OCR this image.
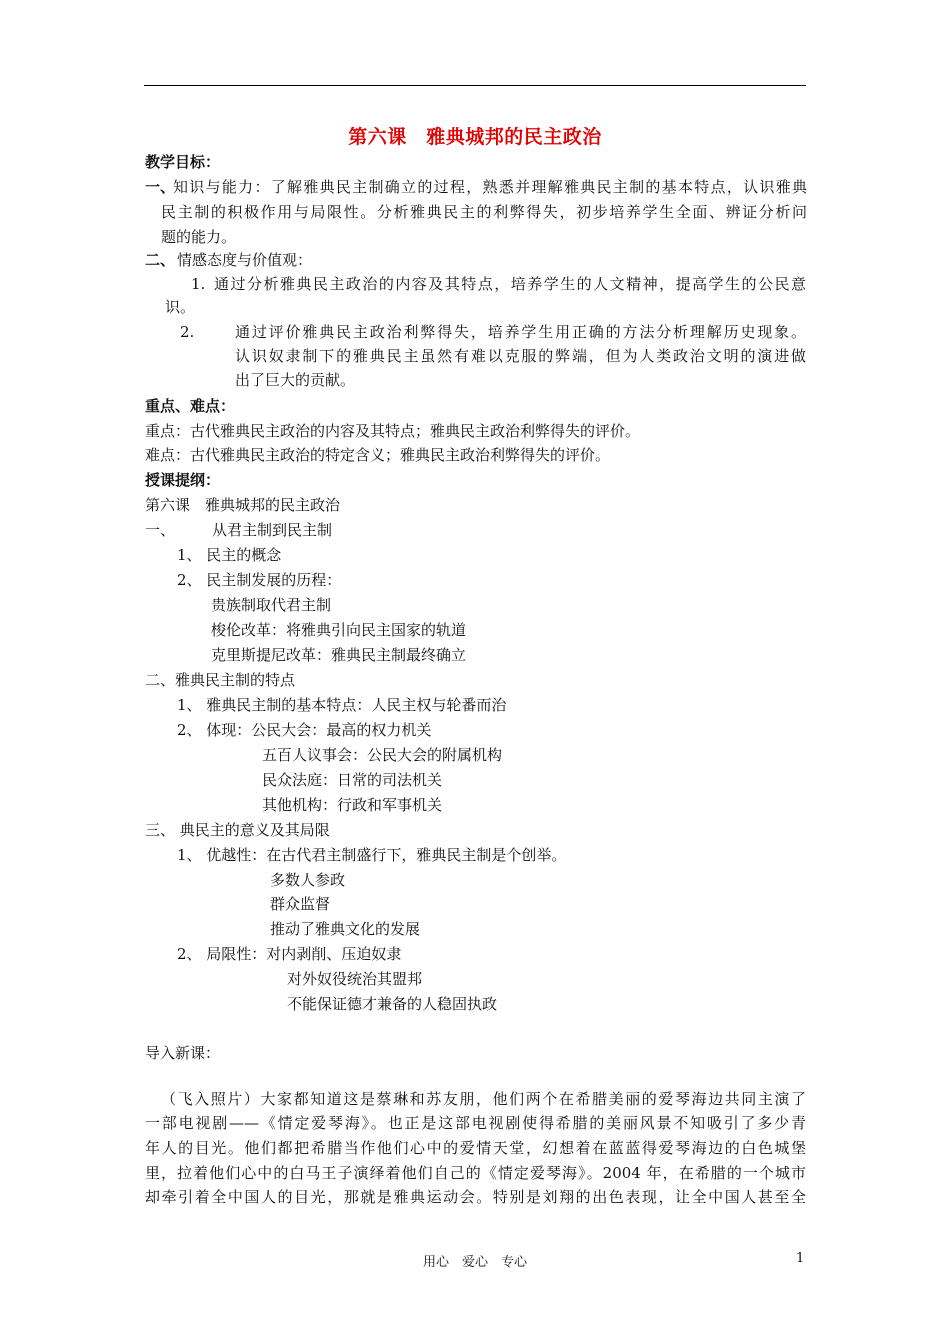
第六课　雅典城邦的民主政治
教学目标：
一、
知识与能力：了解雅典民主制确立的过程，熟悉并理解雅典民主制的基本特点，认识雅典
民主制的积极作用与局限性。分析雅典民主的利弊得失，初步培养学生全面、辨证分析问
题的能力。
二、 情感态度与价值观：
1. 通过分析雅典民主政治的内容及其特点，培养学生的人文精神，提高学生的公民意
识。
2.	通过评价雅典民主政治利弊得失，培养学生用正确的方法分析理解历史现象。
认识奴隶制下的雅典民主虽然有难以克服的弊端，但为人类政治文明的演进做
出了巨大的贡献。
重点、难点：
重点：古代雅典民主政治的内容及其特点；雅典民主政治利弊得失的评价。
难点：古代雅典民主政治的特定含义；雅典民主政治利弊得失的评价。
授课提纲：
第六课　雅典城邦的民主政治
一、 从君主制到民主制
1、 民主的概念
2、 民主制发展的历程：
贵族制取代君主制
梭伦改革：将雅典引向民主国家的轨道
克里斯提尼改革：雅典民主制最终确立
二、雅典民主制的特点
1、 雅典民主制的基本特点：人民主权与轮番而治
2、 体现：公民大会：最高的权力机关
五百人议事会：公民大会的附属机构
民众法庭：日常的司法机关
其他机构：行政和军事机关
三、 典民主的意义及其局限
1、 优越性：在古代君主制盛行下，雅典民主制是个创举。
多数人参政
群众监督
推动了雅典文化的发展
2、 局限性：对内剥削、压迫奴隶
对外奴役统治其盟邦
不能保证德才兼备的人稳固执政
导入新课：
（飞入照片）大家都知道这是蔡琳和苏友朋，他们两个在希腊美丽的爱琴海边共同主演了
一部电视剧——《情定爱琴海》。也正是这部电视剧使得希腊的美丽风景不知吸引了多少青
年人的目光。他们都把希腊当作他们心中的爱情天堂，幻想着在蓝蓝得爱琴海边的白色城堡
里，拉着他们心中的白马王子演绎着他们自己的《情定爱琴海》。2004 年，在希腊的一个城市
却牵引着全中国人的目光，那就是雅典运动会。特别是刘翔的出色表现，让全中国人甚至全
用心　爱心　专心	1
